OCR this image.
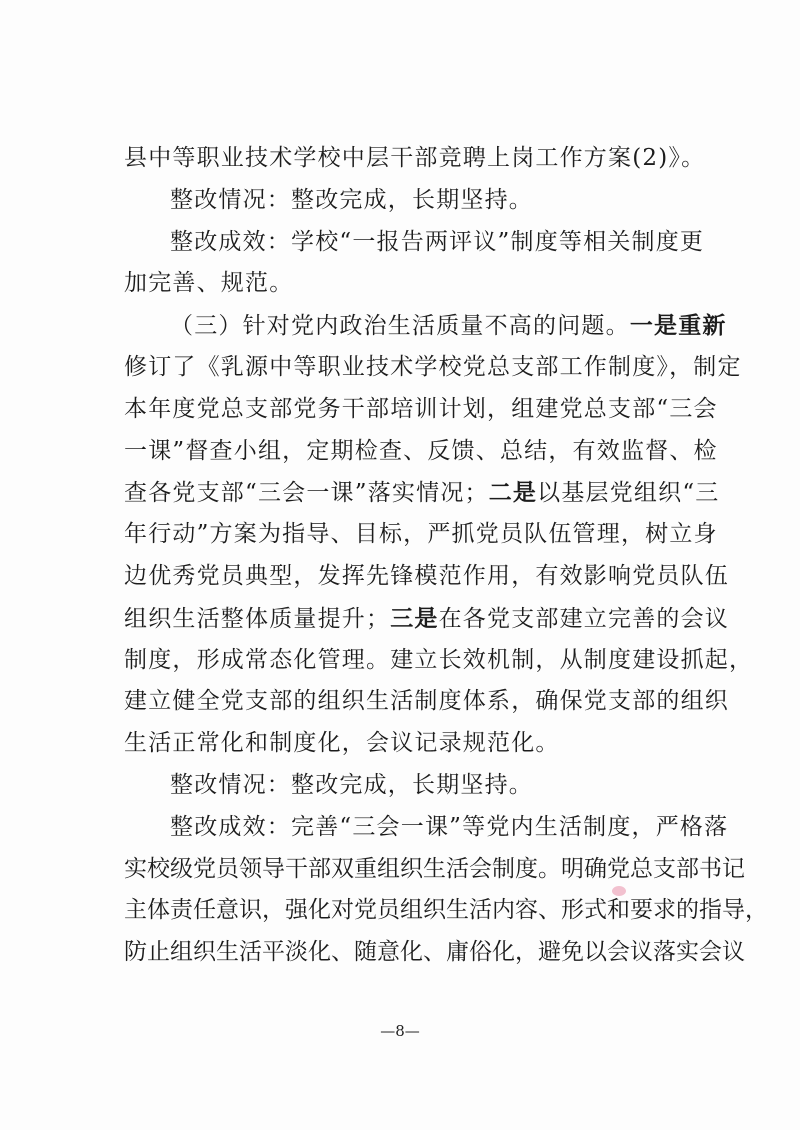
县中等职业技术学校中层干部竞聘上岗工作方案(2)》。
整改情况：整改完成，长期坚持。
整改成效：学校“一报告两评议”制度等相关制度更
加完善、规范。
（三）针对党内政治生活质量不高的问题。一是重新
修订了《乳源中等职业技术学校党总支部工作制度》，制定
本年度党总支部党务干部培训计划，组建党总支部“三会
一课”督查小组，定期检查、反馈、总结，有效监督、检
查各党支部“三会一课”落实情况；二是以基层党组织“三
年行动”方案为指导、目标，严抓党员队伍管理，树立身
边优秀党员典型，发挥先锋模范作用，有效影响党员队伍
组织生活整体质量提升；三是在各党支部建立完善的会议
制度，形成常态化管理。建立长效机制，从制度建设抓起，
建立健全党支部的组织生活制度体系，确保党支部的组织
生活正常化和制度化，会议记录规范化。
整改情况：整改完成，长期坚持。
整改成效：完善“三会一课”等党内生活制度，严格落
实校级党员领导干部双重组织生活会制度。明确党总支部书记
主体责任意识，强化对党员组织生活内容、形式和要求的指导，
防止组织生活平淡化、随意化、庸俗化，避免以会议落实会议
—8—
